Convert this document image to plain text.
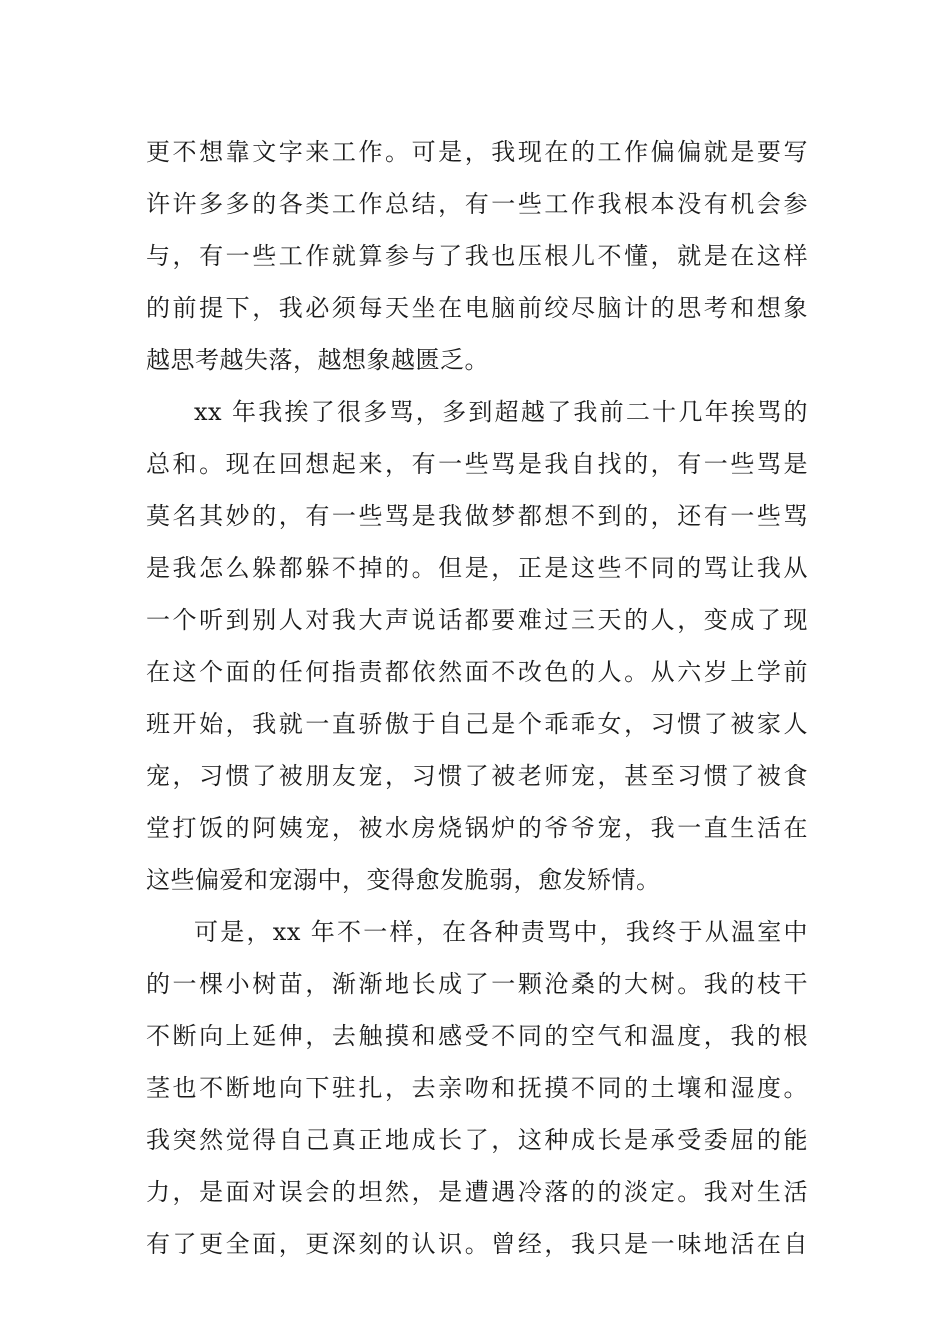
更不想靠文字来工作。可是，我现在的工作偏偏就是要写
许许多多的各类工作总结，有一些工作我根本没有机会参
与，有一些工作就算参与了我也压根儿不懂，就是在这样
的前提下，我必须每天坐在电脑前绞尽脑计的思考和想象
越思考越失落，越想象越匮乏。
xx 年我挨了很多骂，多到超越了我前二十几年挨骂的
总和。现在回想起来，有一些骂是我自找的，有一些骂是
莫名其妙的，有一些骂是我做梦都想不到的，还有一些骂
是我怎么躲都躲不掉的。但是，正是这些不同的骂让我从
一个听到别人对我大声说话都要难过三天的人，变成了现
在这个面的任何指责都依然面不改色的人。从六岁上学前
班开始，我就一直骄傲于自己是个乖乖女，习惯了被家人
宠，习惯了被朋友宠，习惯了被老师宠，甚至习惯了被食
堂打饭的阿姨宠，被水房烧锅炉的爷爷宠，我一直生活在
这些偏爱和宠溺中，变得愈发脆弱，愈发矫情。
可是，xx 年不一样，在各种责骂中，我终于从温室中
的一棵小树苗，渐渐地长成了一颗沧桑的大树。我的枝干
不断向上延伸，去触摸和感受不同的空气和温度，我的根
茎也不断地向下驻扎，去亲吻和抚摸不同的土壤和湿度。
我突然觉得自己真正地成长了，这种成长是承受委屈的能
力，是面对误会的坦然，是遭遇冷落的的淡定。我对生活
有了更全面，更深刻的认识。曾经，我只是一味地活在自
